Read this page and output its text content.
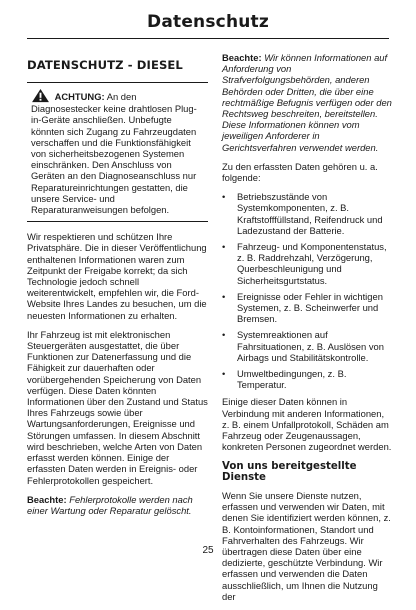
Datenschutz
DATENSCHUTZ - DIESEL
ACHTUNG: An den Diagnosestecker keine drahtlosen Plug-in-Geräte anschließen. Unbefugte könnten sich Zugang zu Fahrzeugdaten verschaffen und die Funktionsfähigkeit von sicherheitsbezogenen Systemen einschränken. Den Anschluss von Geräten an den Diagnoseanschluss nur Reparatureinrichtungen gestatten, die unsere Service- und Reparaturanweisungen befolgen.

Wir respektieren und schützen Ihre Privatsphäre. Die in dieser Veröffentlichung enthaltenen Informationen waren zum Zeitpunkt der Freigabe korrekt; da sich Technologie jedoch schnell weiterentwickelt, empfehlen wir, die Ford-Website Ihres Landes zu besuchen, um die neuesten Informationen zu erhalten.

Ihr Fahrzeug ist mit elektronischen Steuergeräten ausgestattet, die über Funktionen zur Datenerfassung und die Fähigkeit zur dauerhaften oder vorübergehenden Speicherung von Daten verfügen. Diese Daten könnten Informationen über den Zustand und Status Ihres Fahrzeugs sowie über Wartungsanforderungen, Ereignisse und Störungen umfassen. In diesem Abschnitt wird beschrieben, welche Arten von Daten erfasst werden können. Einige der erfassten Daten werden in Ereignis- oder Fehlerprotokollen gespeichert.

Beachte: Fehlerprotokolle werden nach einer Wartung oder Reparatur gelöscht.

Beachte: Wir können Informationen auf Anforderung von Strafverfolgungsbehörden, anderen Behörden oder Dritten, die über eine rechtmäßige Befugnis verfügen oder den Rechtsweg beschreiten, bereitstellen. Diese Informationen können vom jeweiligen Anforderer in Gerichtsverfahren verwendet werden.

Zu den erfassten Daten gehören u. a. folgende:

• Betriebszustände von Systemkomponenten, z. B. Kraftstofffüllstand, Reifendruck und Ladezustand der Batterie.
• Fahrzeug- und Komponentenstatus, z. B. Raddrehzahl, Verzögerung, Querbeschleunigung und Sicherheitsgurtstatus.
• Ereignisse oder Fehler in wichtigen Systemen, z. B. Scheinwerfer und Bremsen.
• Systemreaktionen auf Fahrsituationen, z. B. Auslösen von Airbags und Stabilitätskontrolle.
• Umweltbedingungen, z. B. Temperatur.

Einige dieser Daten können in Verbindung mit anderen Informationen, z. B. einem Unfallprotokoll, Schäden am Fahrzeug oder Zeugenaussagen, konkreten Personen zugeordnet werden.

Von uns bereitgestellte Dienste

Wenn Sie unsere Dienste nutzen, erfassen und verwenden wir Daten, mit denen Sie identifiziert werden können, z. B. Kontoinformationen, Standort und Fahrverhalten des Fahrzeugs. Wir übertragen diese Daten über eine dedizierte, geschützte Verbindung. Wir erfassen und verwenden die Daten ausschließlich, um Ihnen die Nutzung der

25
